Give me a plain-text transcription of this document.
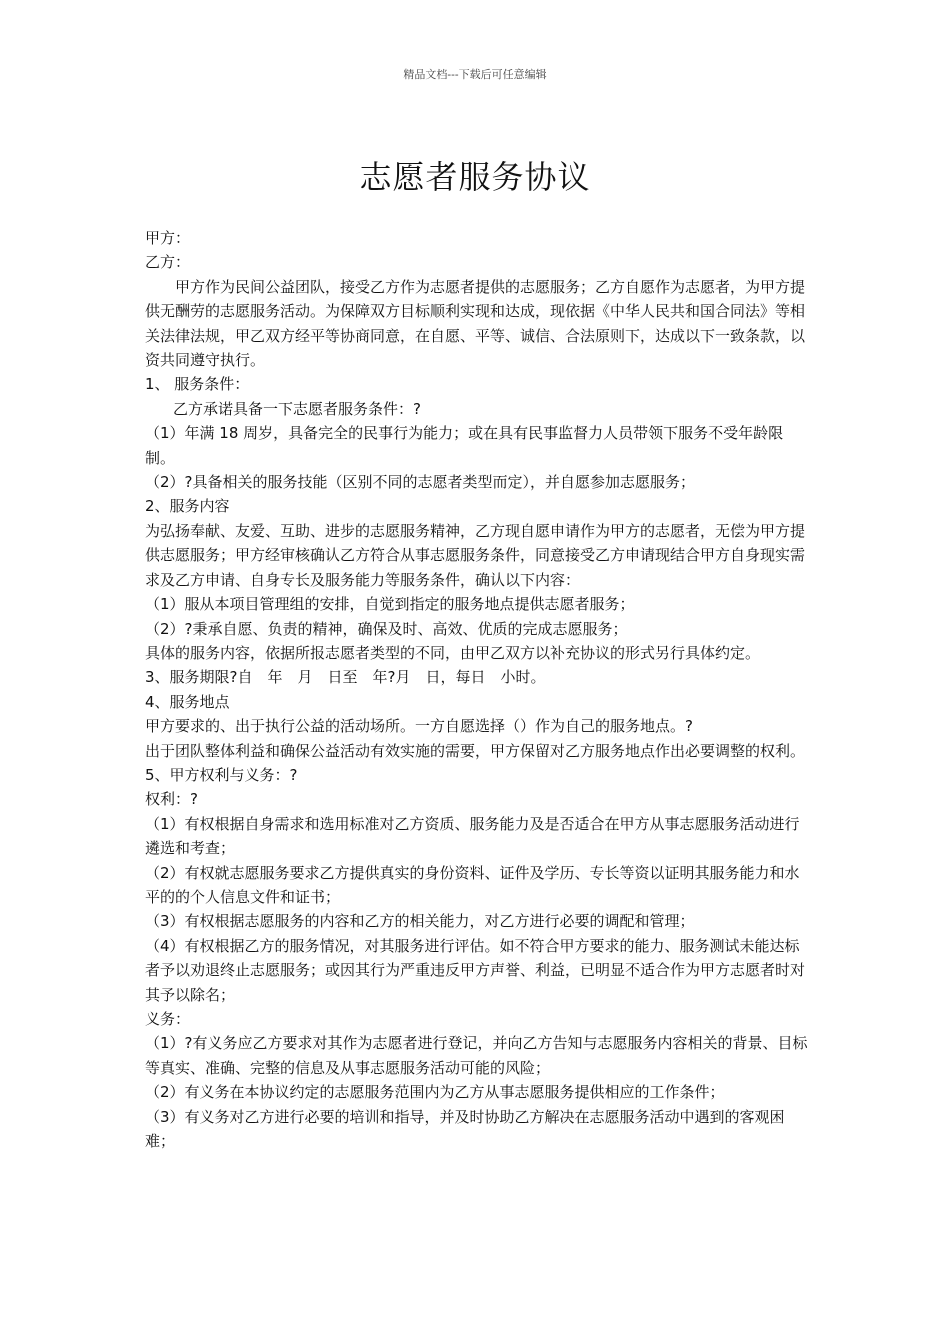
精品文档---下载后可任意编辑
志愿者服务协议

甲方：

乙方：

甲方作为民间公益团队，接受乙方作为志愿者提供的志愿服务；乙方自愿作为志愿者，为甲方提供无酬劳的志愿服务活动。为保障双方目标顺利实现和达成，现依据《中华人民共和国合同法》等相关法律法规，甲乙双方经平等协商同意，在自愿、平等、诚信、合法原则下，达成以下一致条款，以资共同遵守执行。

1、 服务条件：

乙方承诺具备一下志愿者服务条件：?

（1）年满 18 周岁，具备完全的民事行为能力；或在具有民事监督力人员带领下服务不受年龄限制。

（2）?具备相关的服务技能（区别不同的志愿者类型而定），并自愿参加志愿服务；

2、服务内容

为弘扬奉献、友爱、互助、进步的志愿服务精神，乙方现自愿申请作为甲方的志愿者，无偿为甲方提供志愿服务；甲方经审核确认乙方符合从事志愿服务条件，同意接受乙方申请现结合甲方自身现实需求及乙方申请、自身专长及服务能力等服务条件，确认以下内容：

（1）服从本项目管理组的安排，自觉到指定的服务地点提供志愿者服务；

（2）?秉承自愿、负责的精神，确保及时、高效、优质的完成志愿服务；

具体的服务内容，依据所报志愿者类型的不同，由甲乙双方以补充协议的形式另行具体约定。

3、服务期限?自　年　月　日至　年?月　日，每日　小时。

4、服务地点

甲方要求的、出于执行公益的活动场所。一方自愿选择（）作为自己的服务地点。?

出于团队整体利益和确保公益活动有效实施的需要，甲方保留对乙方服务地点作出必要调整的权利。

5、甲方权利与义务：?

权利：?

（1）有权根据自身需求和选用标准对乙方资质、服务能力及是否适合在甲方从事志愿服务活动进行遴选和考查；

（2）有权就志愿服务要求乙方提供真实的身份资料、证件及学历、专长等资以证明其服务能力和水平的的个人信息文件和证书；

（3）有权根据志愿服务的内容和乙方的相关能力，对乙方进行必要的调配和管理；

（4）有权根据乙方的服务情况，对其服务进行评估。如不符合甲方要求的能力、服务测试未能达标者予以劝退终止志愿服务；或因其行为严重违反甲方声誉、利益，已明显不适合作为甲方志愿者时对其予以除名；

义务：

（1）?有义务应乙方要求对其作为志愿者进行登记，并向乙方告知与志愿服务内容相关的背景、目标等真实、准确、完整的信息及从事志愿服务活动可能的风险；

（2）有义务在本协议约定的志愿服务范围内为乙方从事志愿服务提供相应的工作条件；

（3）有义务对乙方进行必要的培训和指导，并及时协助乙方解决在志愿服务活动中遇到的客观困难；
